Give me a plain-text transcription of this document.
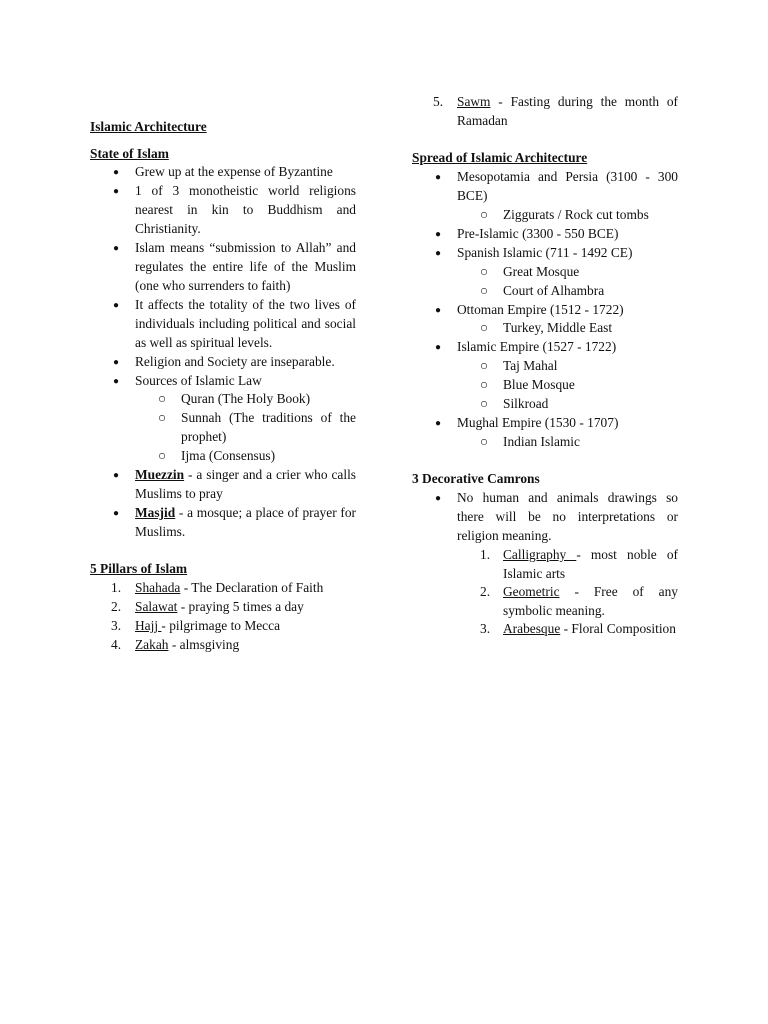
Islamic Architecture
State of Islam
● Grew up at the expense of Byzantine
● 1 of 3 monotheistic world religions nearest in kin to Buddhism and Christianity.
● Islam means “submission to Allah” and regulates the entire life of the Muslim (one who surrenders to faith)
● It affects the totality of the two lives of individuals including political and social as well as spiritual levels.
● Religion and Society are inseparable.
● Sources of Islamic Law
○ Quran (The Holy Book)
○ Sunnah (The traditions of the prophet)
○ Ijma (Consensus)
● Muezzin - a singer and a crier who calls Muslims to pray
● Masjid - a mosque; a place of prayer for Muslims.
5 Pillars of Islam
1. Shahada - The Declaration of Faith
2. Salawat - praying 5 times a day
3. Hajj - pilgrimage to Mecca
4. Zakah - almsgiving
5. Sawm - Fasting during the month of Ramadan
Spread of Islamic Architecture
● Mesopotamia and Persia (3100 - 300 BCE)
○ Ziggurats / Rock cut tombs
● Pre-Islamic (3300 - 550 BCE)
● Spanish Islamic (711 - 1492 CE)
○ Great Mosque
○ Court of Alhambra
● Ottoman Empire (1512 - 1722)
○ Turkey, Middle East
● Islamic Empire (1527 - 1722)
○ Taj Mahal
○ Blue Mosque
○ Silkroad
● Mughal Empire (1530 - 1707)
○ Indian Islamic
3 Decorative Camrons
● No human and animals drawings so there will be no interpretations or religion meaning.
1. Calligraphy - most noble of Islamic arts
2. Geometric - Free of any symbolic meaning.
3. Arabesque - Floral Composition
